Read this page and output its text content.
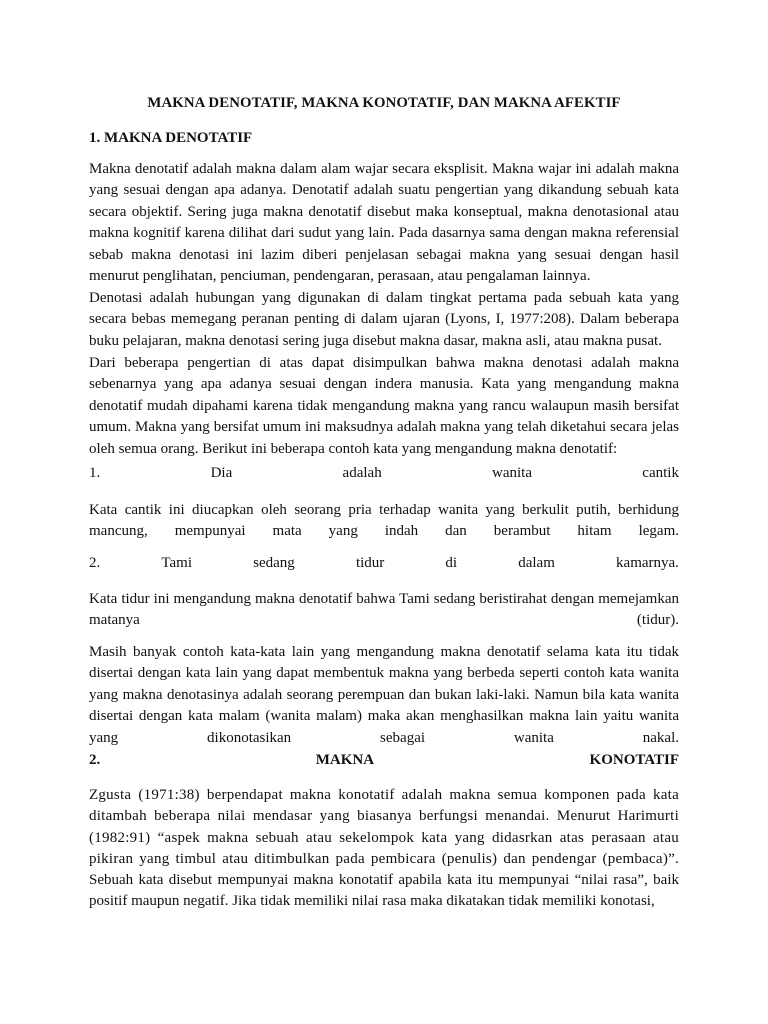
MAKNA DENOTATIF, MAKNA KONOTATIF, DAN MAKNA AFEKTIF
1. MAKNA DENOTATIF

Makna denotatif adalah makna dalam alam wajar secara eksplisit. Makna wajar ini adalah makna yang sesuai dengan apa adanya. Denotatif adalah suatu pengertian yang dikandung sebuah kata secara objektif. Sering juga makna denotatif disebut maka konseptual, makna denotasional atau makna kognitif karena dilihat dari sudut yang lain. Pada dasarnya sama dengan makna referensial sebab makna denotasi ini lazim diberi penjelasan sebagai makna yang sesuai dengan hasil menurut penglihatan, penciuman, pendengaran, perasaan, atau pengalaman lainnya.

Denotasi adalah hubungan yang digunakan di dalam tingkat pertama pada sebuah kata yang secara bebas memegang peranan penting di dalam ujaran (Lyons, I, 1977:208). Dalam beberapa buku pelajaran, makna denotasi sering juga disebut makna dasar, makna asli, atau makna pusat.

Dari beberapa pengertian di atas dapat disimpulkan bahwa makna denotasi adalah makna sebenarnya yang apa adanya sesuai dengan indera manusia. Kata yang mengandung makna denotatif mudah dipahami karena tidak mengandung makna yang rancu walaupun masih bersifat umum. Makna yang bersifat umum ini maksudnya adalah makna yang telah diketahui secara jelas oleh semua orang. Berikut ini beberapa contoh kata yang mengandung makna denotatif:

1.	Dia	adalah	wanita	cantik

Kata cantik ini diucapkan oleh seorang pria terhadap wanita yang berkulit putih, berhidung mancung, mempunyai mata yang indah dan berambut hitam legam.

2.	Tami	sedang	tidur	di	dalam	kamarnya.

Kata tidur ini mengandung makna denotatif bahwa Tami sedang beristirahat dengan memejamkan matanya (tidur).

Masih banyak contoh kata-kata lain yang mengandung makna denotatif selama kata itu tidak disertai dengan kata lain yang dapat membentuk makna yang berbeda seperti contoh kata wanita yang makna denotasinya adalah seorang perempuan dan bukan laki-laki. Namun bila kata wanita disertai dengan kata malam (wanita malam) maka akan menghasilkan makna lain yaitu wanita yang dikonotasikan sebagai wanita nakal.

2.	MAKNA	KONOTATIF

Zgusta (1971:38) berpendapat makna konotatif adalah makna semua komponen pada kata ditambah beberapa nilai mendasar yang biasanya berfungsi menandai. Menurut Harimurti (1982:91) “aspek makna sebuah atau sekelompok kata yang didasrkan atas perasaan atau pikiran yang timbul atau ditimbulkan pada pembicara (penulis) dan pendengar (pembaca)”.

Sebuah kata disebut mempunyai makna konotatif apabila kata itu mempunyai “nilai rasa”, baik positif maupun negatif. Jika tidak memiliki nilai rasa maka dikatakan tidak memiliki konotasi,
